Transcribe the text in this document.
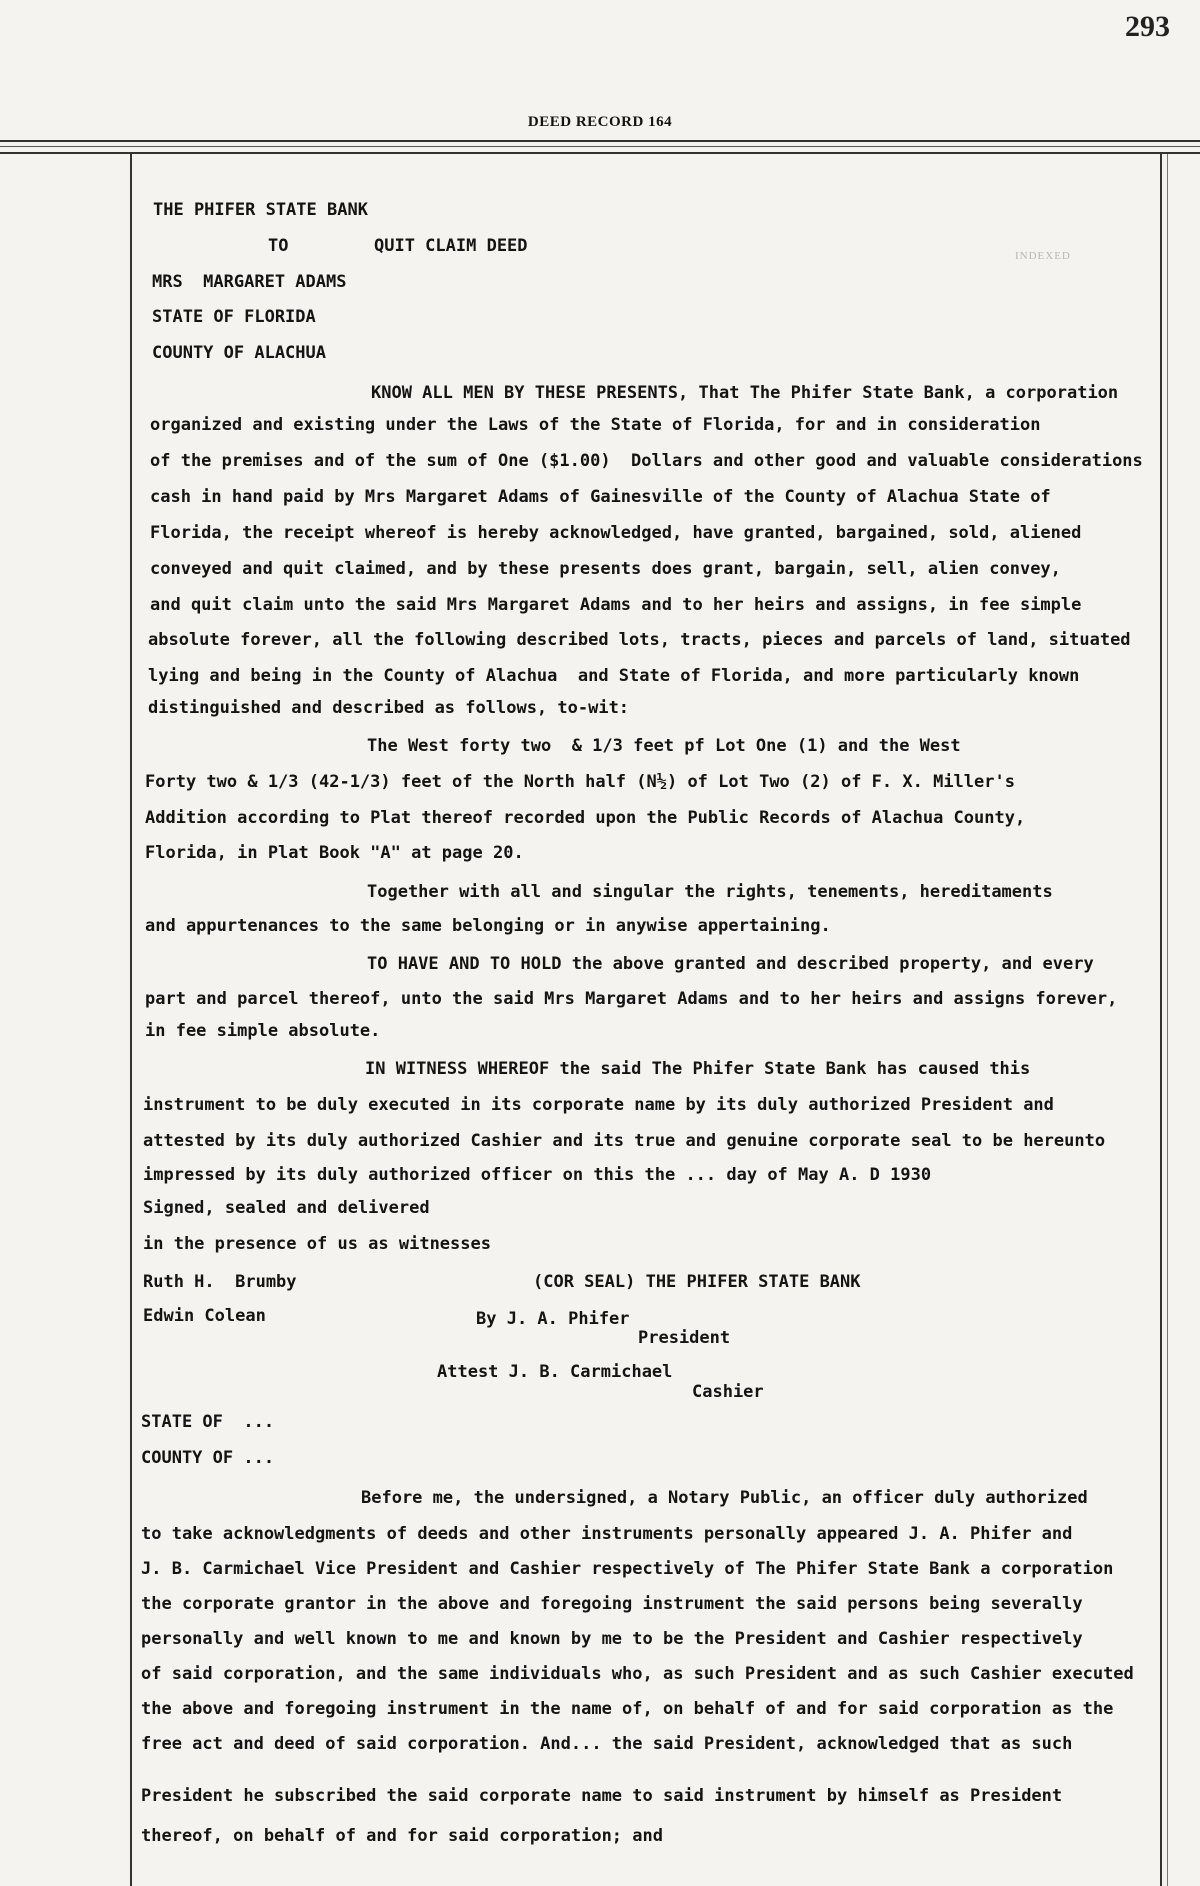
293
DEED RECORD 164
INDEXED
THE PHIFER STATE BANK
TO	QUIT CLAIM DEED
MRS  MARGARET ADAMS
STATE OF FLORIDA
COUNTY OF ALACHUA
KNOW ALL MEN BY THESE PRESENTS, That The Phifer State Bank, a corporation
organized and existing under the Laws of the State of Florida, for and in consideration
of the premises and of the sum of One ($1.00)  Dollars and other good and valuable considerations
cash in hand paid by Mrs Margaret Adams of Gainesville of the County of Alachua State of
Florida, the receipt whereof is hereby acknowledged, have granted, bargained, sold, aliened
conveyed and quit claimed, and by these presents does grant, bargain, sell, alien convey,
and quit claim unto the said Mrs Margaret Adams and to her heirs and assigns, in fee simple
absolute forever, all the following described lots, tracts, pieces and parcels of land, situated
lying and being in the County of Alachua  and State of Florida, and more particularly known
distinguished and described as follows, to-wit:
The West forty two  & 1/3 feet pf Lot One (1) and the West
Forty two & 1/3 (42-1/3) feet of the North half (N½) of Lot Two (2) of F. X. Miller's
Addition according to Plat thereof recorded upon the Public Records of Alachua County,
Florida, in Plat Book "A" at page 20.
Together with all and singular the rights, tenements, hereditaments
and appurtenances to the same belonging or in anywise appertaining.
TO HAVE AND TO HOLD the above granted and described property, and every
part and parcel thereof, unto the said Mrs Margaret Adams and to her heirs and assigns forever,
in fee simple absolute.
IN WITNESS WHEREOF the said The Phifer State Bank has caused this
instrument to be duly executed in its corporate name by its duly authorized President and
attested by its duly authorized Cashier and its true and genuine corporate seal to be hereunto
impressed by its duly authorized officer on this the ... day of May A. D 1930
Signed, sealed and delivered
in the presence of us as witnesses
Ruth H.  Brumby	(COR SEAL) THE PHIFER STATE BANK
Edwin Colean	By J. A. Phifer
President
Attest J. B. Carmichael
Cashier
STATE OF  ...
COUNTY OF ...
Before me, the undersigned, a Notary Public, an officer duly authorized
to take acknowledgments of deeds and other instruments personally appeared J. A. Phifer and
J. B. Carmichael Vice President and Cashier respectively of The Phifer State Bank a corporation
the corporate grantor in the above and foregoing instrument the said persons being severally
personally and well known to me and known by me to be the President and Cashier respectively
of said corporation, and the same individuals who, as such President and as such Cashier executed
the above and foregoing instrument in the name of, on behalf of and for said corporation as the
free act and deed of said corporation. And... the said President, acknowledged that as such
President he subscribed the said corporate name to said instrument by himself as President
thereof, on behalf of and for said corporation; and
